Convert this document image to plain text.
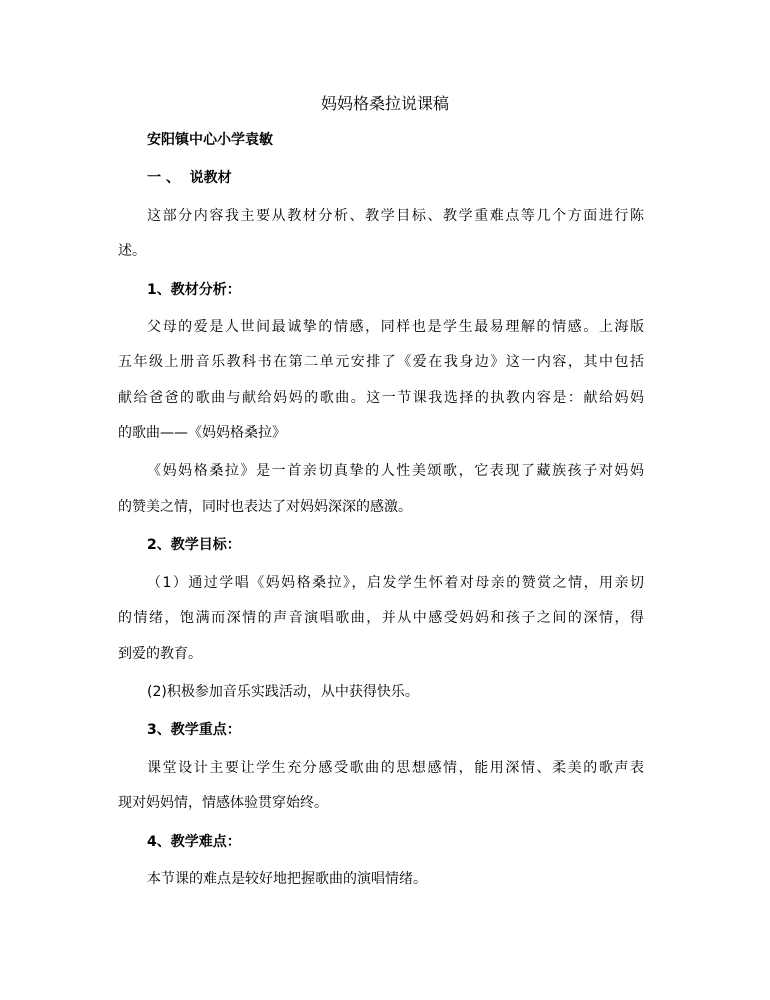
妈妈格桑拉说课稿
安阳镇中心小学袁敏
一 、  说教材
这部分内容我主要从教材分析、教学目标、教学重难点等几个方面进行陈
述。
1、教材分析：
父母的爱是人世间最诚挚的情感，同样也是学生最易理解的情感。上海版
五年级上册音乐教科书在第二单元安排了《爱在我身边》这一内容，其中包括
献给爸爸的歌曲与献给妈妈的歌曲。这一节课我选择的执教内容是：献给妈妈
的歌曲——《妈妈格桑拉》
《妈妈格桑拉》是一首亲切真挚的人性美颂歌，它表现了藏族孩子对妈妈
的赞美之情，同时也表达了对妈妈深深的感激。
2、教学目标：
（1）通过学唱《妈妈格桑拉》，启发学生怀着对母亲的赞赏之情，用亲切
的情绪，饱满而深情的声音演唱歌曲，并从中感受妈妈和孩子之间的深情，得
到爱的教育。
(2)积极参加音乐实践活动，从中获得快乐。
3、教学重点：
课堂设计主要让学生充分感受歌曲的思想感情，能用深情、柔美的歌声表
现对妈妈情，情感体验贯穿始终。
4、教学难点：
本节课的难点是较好地把握歌曲的演唱情绪。
